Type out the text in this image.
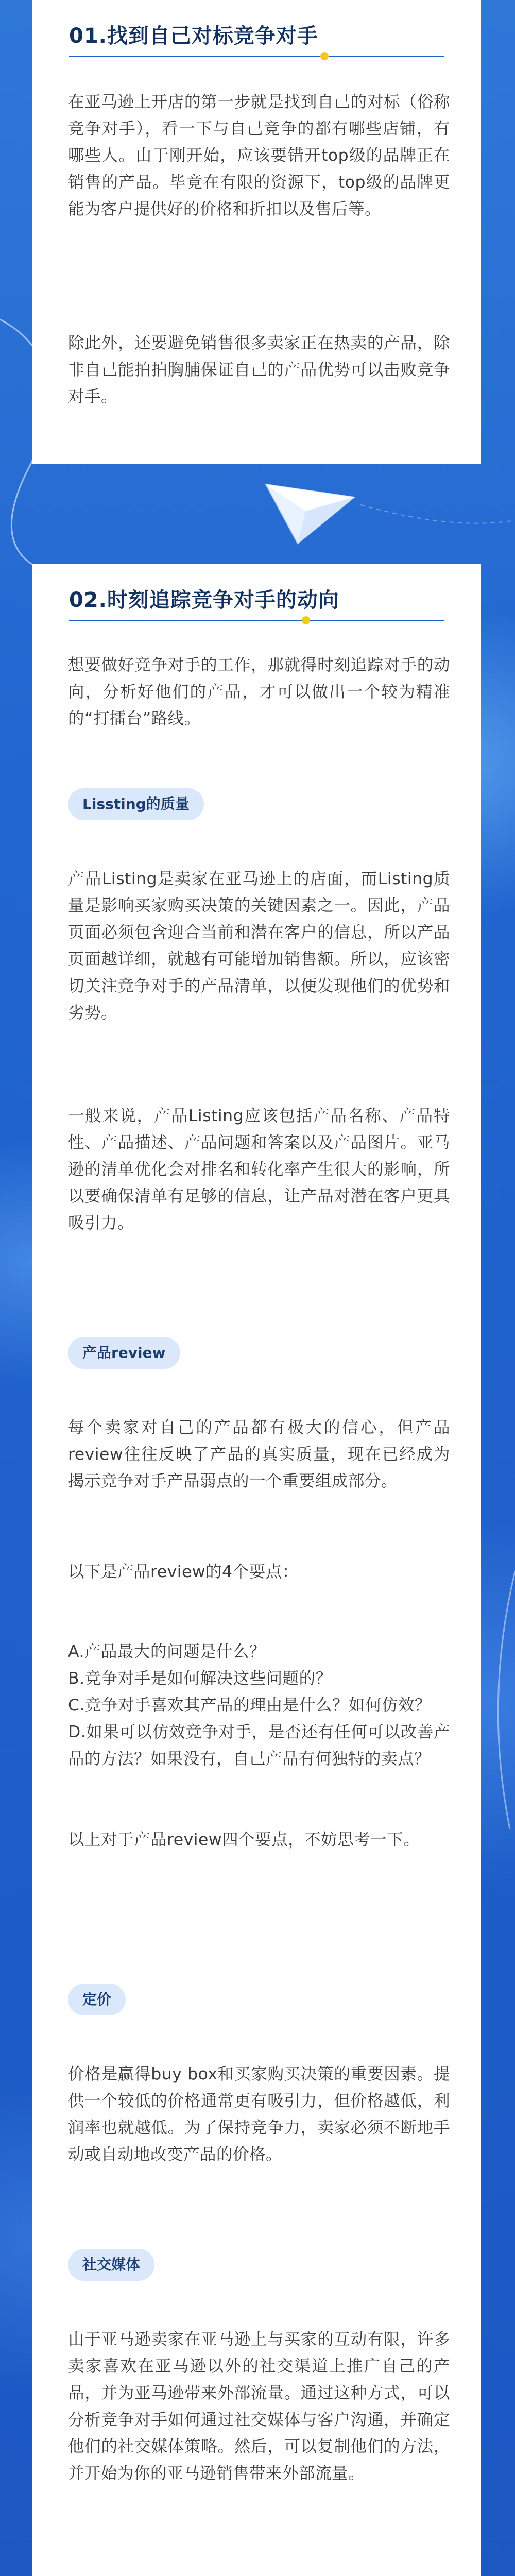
01.找到自己对标竞争对手
在亚马逊上开店的第一步就是找到自己的对标（俗称竞争对手），看一下与自己竞争的都有哪些店铺，有哪些人。由于刚开始，应该要错开top级的品牌正在销售的产品。毕竟在有限的资源下，top级的品牌更能为客户提供好的价格和折扣以及售后等。
除此外，还要避免销售很多卖家正在热卖的产品，除非自己能拍拍胸脯保证自己的产品优势可以击败竞争对手。
02.时刻追踪竞争对手的动向
想要做好竞争对手的工作，那就得时刻追踪对手的动向，分析好他们的产品，才可以做出一个较为精准的“打擂台”路线。
Lissting的质量
产品Listing是卖家在亚马逊上的店面，而Listing质量是影响买家购买决策的关键因素之一。因此，产品页面必须包含迎合当前和潜在客户的信息，所以产品页面越详细，就越有可能增加销售额。所以，应该密切关注竞争对手的产品清单，以便发现他们的优势和劣势。
一般来说，产品Listing应该包括产品名称、产品特性、产品描述、产品问题和答案以及产品图片。亚马逊的清单优化会对排名和转化率产生很大的影响，所以要确保清单有足够的信息，让产品对潜在客户更具吸引力。
产品review
每个卖家对自己的产品都有极大的信心，但产品review往往反映了产品的真实质量，现在已经成为揭示竞争对手产品弱点的一个重要组成部分。
以下是产品review的4个要点：
A.产品最大的问题是什么？
B.竞争对手是如何解决这些问题的？
C.竞争对手喜欢其产品的理由是什么？如何仿效？
D.如果可以仿效竞争对手，是否还有任何可以改善产品的方法？如果没有，自己产品有何独特的卖点？
以上对于产品review四个要点，不妨思考一下。
定价
价格是赢得buy box和买家购买决策的重要因素。提供一个较低的价格通常更有吸引力，但价格越低，利润率也就越低。为了保持竞争力，卖家必须不断地手动或自动地改变产品的价格。
社交媒体
由于亚马逊卖家在亚马逊上与买家的互动有限，许多卖家喜欢在亚马逊以外的社交渠道上推广自己的产品，并为亚马逊带来外部流量。通过这种方式，可以分析竞争对手如何通过社交媒体与客户沟通，并确定他们的社交媒体策略。然后，可以复制他们的方法，并开始为你的亚马逊销售带来外部流量。
